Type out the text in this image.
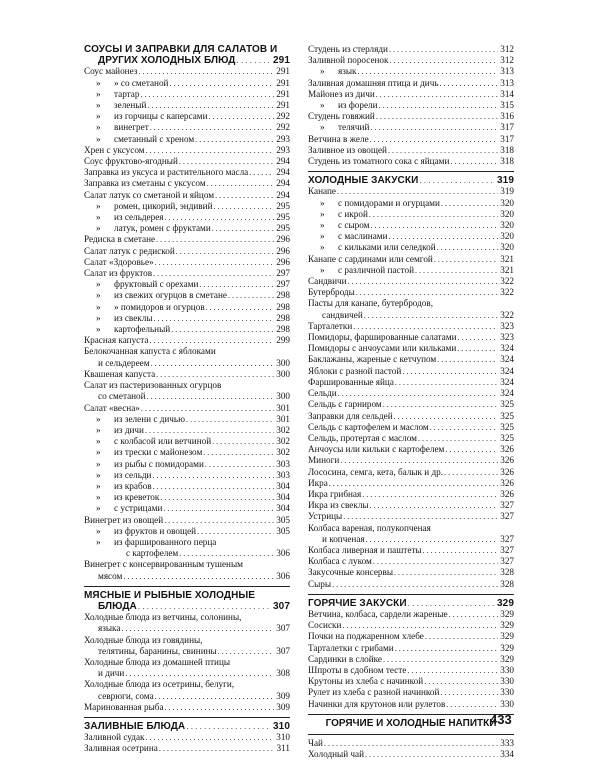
СОУСЫ И ЗАПРАВКИ ДЛЯ САЛАТОВ И
ДРУГИХ ХОЛОДНЫХ БЛЮД . . .	291
Соус майонез . . .	291
»	» со сметаной . . .	291
»	тартар . . .	291
»	зеленый . . .	291
»	из горчицы с каперсами . . .	292
»	винегрет . . .	292
»	сметанный с хреном . . .	293
Хрен с уксусом . . .	293
Соус фруктово-ягодный . . .	294
Заправка из уксуса и растительного масла . . .	294
Заправка из сметаны с уксусом . . .	294
Салат латук со сметаной и яйцом . . .	294
»	ромен, цикорий, эндивий . . .	295
»	из сельдерея . . .	295
»	латук, ромен с фруктами . . .	295
Редиска в сметане . . .	296
Салат латук с редиской . . .	296
Салат «Здоровье» . . .	296
Салат из фруктов . . .	297
»	фруктовый с орехами . . .	297
»	из свежих огурцов в сметане . . .	298
»	» помидоров и огурцов . . .	298
»	из свеклы . . .	298
»	картофельный . . .	298
Красная капуста . . .	299
Белокочанная капуста с яблоками
и сельдереем . . .	300
Квашеная капуста . . .	300
Салат из пастеризованных огурцов
со сметаной . . .	300
Салат «весна» . . .	301
»	из зелени с дичью . . .	301
»	из дичи . . .	302
»	с колбасой или ветчиной . . .	302
»	из трески с майонезом . . .	302
»	из рыбы с помидорами . . .	303
»	из сельди . . .	303
»	из крабов . . .	304
»	из креветок . . .	304
»	с устрицами . . .	304
Винегрет из овощей . . .	305
»	из фруктов и овощей . . .	305
»	из фаршированного перца
с картофелем . . .	306
Винегрет с консервированным тушеным
мясом . . .	306
МЯСНЫЕ И РЫБНЫЕ ХОЛОДНЫЕ
БЛЮДА . . .	307
Холодные блюда из ветчины, солонины,
языка . . .	307
Холодные блюда из говядины,
телятины, баранины, свинины . . .	307
Холодные блюда из домашней птицы
и дичи . . .	308
Холодные блюда из осетрины, белуги,
севрюги, сома . . .	309
Маринованная рыба . . .	309
ЗАЛИВНЫЕ БЛЮДА . . .	310
Заливной судак . . .	310
Заливная осетрина . . .	311
Студень из стерляди . . .	312
Заливной поросенок . . .	312
»	язык . . .	313
Заливная домашняя птица и дичь . . .	313
Майонез из дичи . . .	314
»	из форели . . .	315
Студень говяжий . . .	316
»	телячий . . .	317
Ветчина в желе . . .	317
Заливное из овощей . . .	318
Студень из томатного сока с яйцами . . .	318
ХОЛОДНЫЕ ЗАКУСКИ . . .	319
Канапе . . .	319
»	с помидорами и огурцами . . .	320
»	с икрой . . .	320
»	с сыром . . .	320
»	с маслинами . . .	320
»	с кильками или селедкой . . .	320
Канапе с сардинами или семгой . . .	321
»	с различной пастой . . .	321
Сандвичи . . .	322
Бутерброды . . .	322
Пасты для канапе, бутербродов,
сандвичей . . .	322
Тарталетки . . .	323
Помидоры, фаршированные салатами . . .	323
Помидоры с анчоусами или кильками . . .	324
Баклажаны, жареные с кетчупом . . .	324
Яблоки с разной пастой . . .	324
Фаршированные яйца . . .	324
Сельди . . .	324
Сельдь с гарниром . . .	325
Заправки для сельдей . . .	325
Сельдь с картофелем и маслом . . .	325
Сельдь, протертая с маслом . . .	325
Анчоусы или кильки с картофелем . . .	326
Миноги . . .	326
Лососина, семга, кета, балык и др. . . .	326
Икра . . .	326
Икра грибная . . .	326
Икра из свеклы . . .	327
Устрицы . . .	327
Колбаса вареная, полукопченая
и копченая . . .	327
Колбаса ливерная и паштеты . . .	327
Колбаса с луком . . .	327
Закусочные консервы . . .	328
Сыры . . .	328
ГОРЯЧИЕ ЗАКУСКИ . . .	329
Ветчина, колбаса, сардели жареные . . .	329
Сосиски . . .	329
Почки на поджаренном хлебе . . .	329
Тарталетки с грибами . . .	329
Сардинки в слойке . . .	329
Шпроты в сдобном тесте . . .	330
Крутоны из хлеба с начинкой . . .	330
Рулет из хлеба с разной начинкой . . .	330
Начинки для крутонов или рулетов . . .	330
ГОРЯЧИЕ И ХОЛОДНЫЕ НАПИТКИ
Чай . . .	333
Холодный чай . . .	334
433
